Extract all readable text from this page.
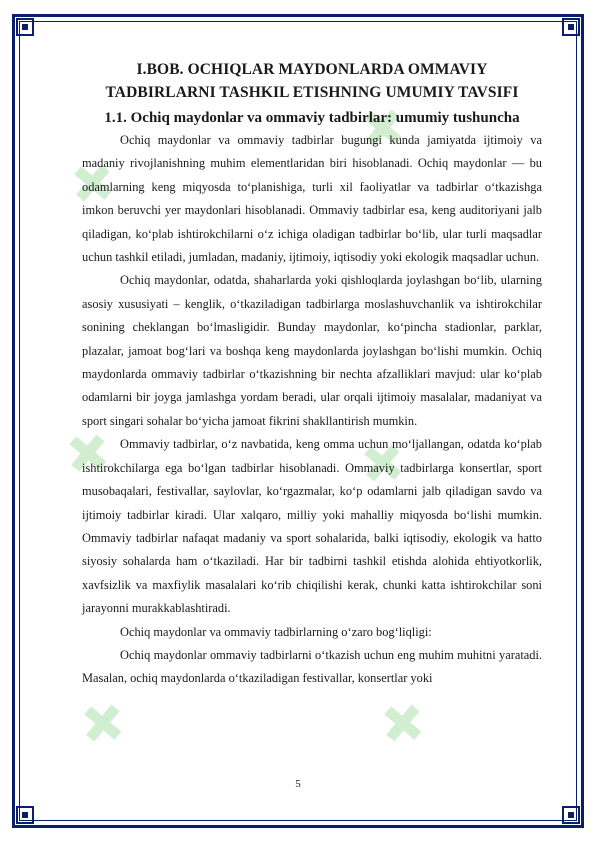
✚
✚
✚	✚
✚	✚
I.BOB. OCHIQLAR MAYDONLARDA OMMAVIY
TADBIRLARNI TASHKIL ETISHNING UMUMIY TAVSIFI
1.1. Ochiq maydonlar va ommaviy tadbirlar: umumiy tushuncha

Ochiq maydonlar va ommaviy tadbirlar bugungi kunda jamiyatda ijtimoiy va madaniy rivojlanishning muhim elementlaridan biri hisoblanadi. Ochiq maydonlar — bu odamlarning keng miqyosda to‘planishiga, turli xil faoliyatlar va tadbirlar o‘tkazishga imkon beruvchi yer maydonlari hisoblanadi. Ommaviy tadbirlar esa, keng auditoriyani jalb qiladigan, ko‘plab ishtirokchilarni o‘z ichiga oladigan tadbirlar bo‘lib, ular turli maqsadlar uchun tashkil etiladi, jumladan, madaniy, ijtimoiy, iqtisodiy yoki ekologik maqsadlar uchun.

Ochiq maydonlar, odatda, shaharlarda yoki qishloqlarda joylashgan bo‘lib, ularning asosiy xususiyati – kenglik, o‘tkaziladigan tadbirlarga moslashuvchanlik va ishtirokchilar sonining cheklangan bo‘lmasligidir. Bunday maydonlar, ko‘pincha stadionlar, parklar, plazalar, jamoat bog‘lari va boshqa keng maydonlarda joylashgan bo‘lishi mumkin. Ochiq maydonlarda ommaviy tadbirlar o‘tkazishning bir nechta afzalliklari mavjud: ular ko‘plab odamlarni bir joyga jamlashga yordam beradi, ular orqali ijtimoiy masalalar, madaniyat va sport singari sohalar bo‘yicha jamoat fikrini shakllantirish mumkin.

Ommaviy tadbirlar, o‘z navbatida, keng omma uchun mo‘ljallangan, odatda ko‘plab ishtirokchilarga ega bo‘lgan tadbirlar hisoblanadi. Ommaviy tadbirlarga konsertlar, sport musobaqalari, festivallar, saylovlar, ko‘rgazmalar, ko‘p odamlarni jalb qiladigan savdo va ijtimoiy tadbirlar kiradi. Ular xalqaro, milliy yoki mahalliy miqyosda bo‘lishi mumkin. Ommaviy tadbirlar nafaqat madaniy va sport sohalarida, balki iqtisodiy, ekologik va hatto siyosiy sohalarda ham o‘tkaziladi. Har bir tadbirni tashkil etishda alohida ehtiyotkorlik, xavfsizlik va maxfiylik masalalari ko‘rib chiqilishi kerak, chunki katta ishtirokchilar soni jarayonni murakkablashtiradi.

Ochiq maydonlar va ommaviy tadbirlarning o‘zaro bog‘liqligi:

Ochiq maydonlar ommaviy tadbirlarni o‘tkazish uchun eng muhim muhitni yaratadi. Masalan, ochiq maydonlarda o‘tkaziladigan festivallar, konsertlar yoki

5
